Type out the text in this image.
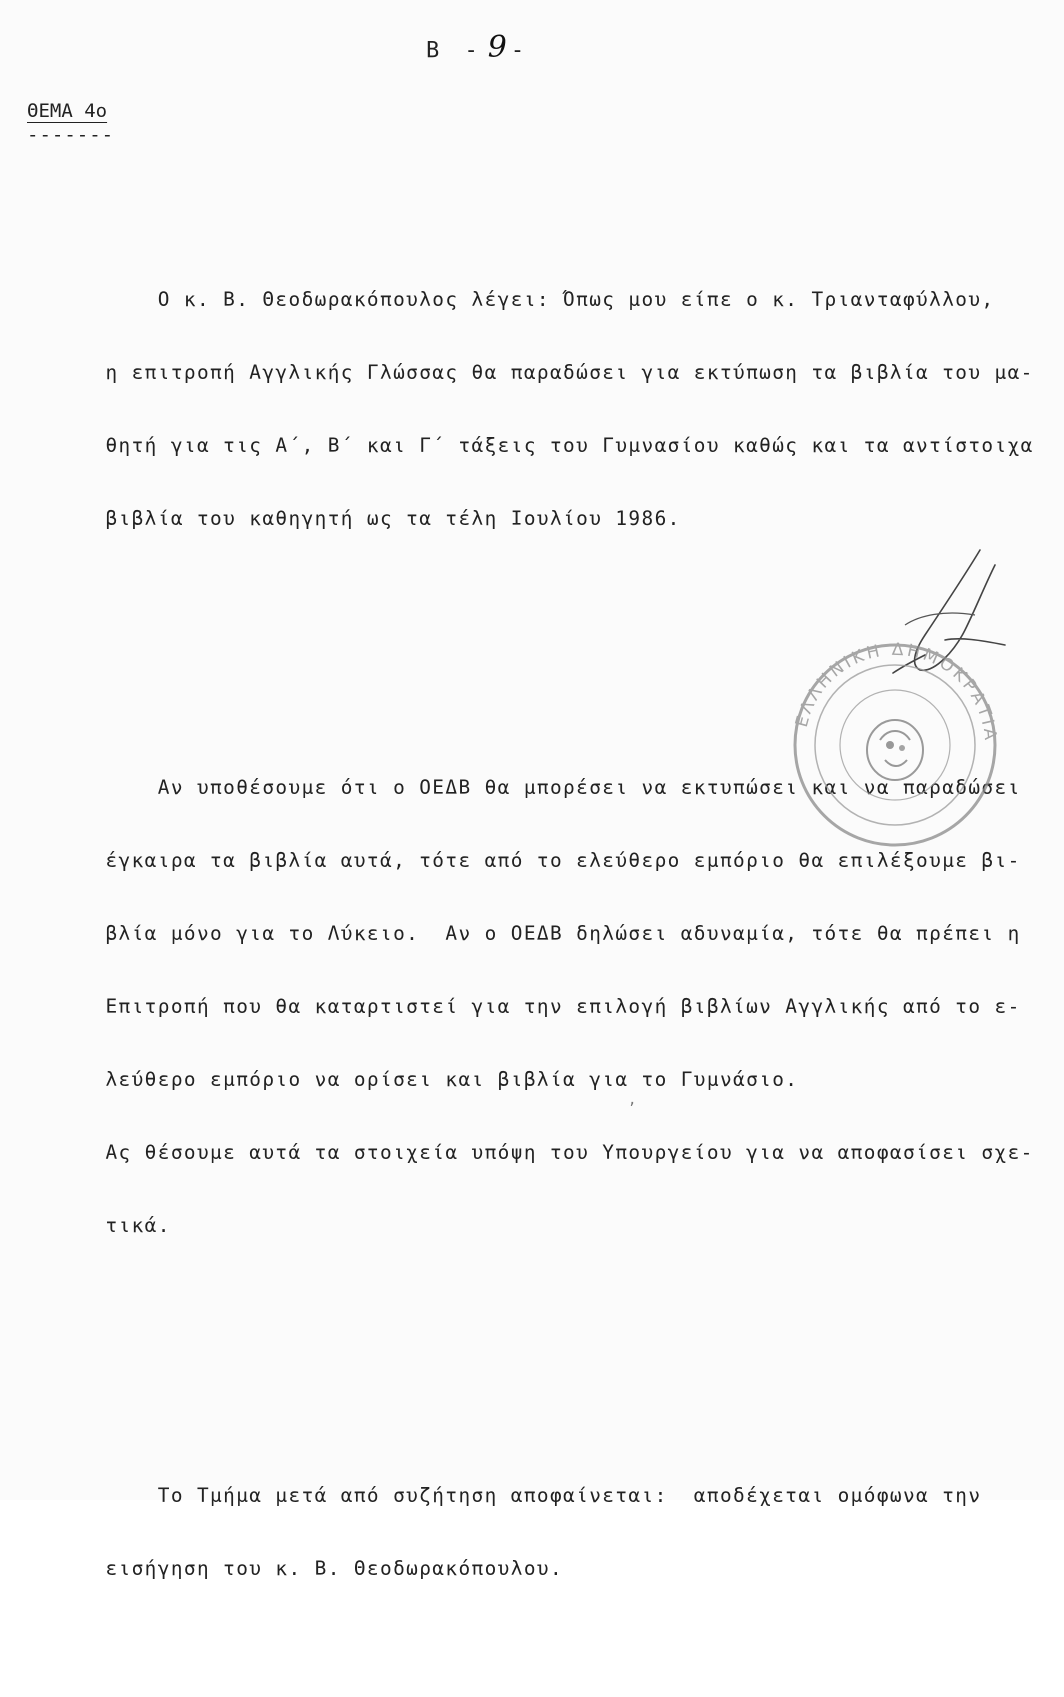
Β - 9 -
ΘΕΜΑ 4ο
-------

Ο κ. Β. Θεοδωρακόπουλος λέγει: Όπως μου είπε ο κ. Τριανταφύλλου,

η επιτροπή Αγγλικής Γλώσσας θα παραδώσει για εκτύπωση τα βιβλία του μα-

θητή για τις Α΄, Β΄ και Γ΄ τάξεις του Γυμνασίου καθώς και τα αντίστοιχα

βιβλία του καθηγητή ως τα τέλη Ιουλίου 1986.

Αν υποθέσουμε ότι ο ΟΕΔΒ θα μπορέσει να εκτυπώσει και να παραδώσει

έγκαιρα τα βιβλία αυτά, τότε από το ελεύθερο εμπόριο θα επιλέξουμε βι-

βλία μόνο για το Λύκειο.  Αν ο ΟΕΔΒ δηλώσει αδυναμία, τότε θα πρέπει η

Επιτροπή που θα καταρτιστεί για την επιλογή βιβλίων Αγγλικής από το ε-

λεύθερο εμπόριο να ορίσει και βιβλία για το Γυμνάσιο.

Ας θέσουμε αυτά τα στοιχεία υπόψη του Υπουργείου για να αποφασίσει σχε-

τικά.

Το Τμήμα μετά από συζήτηση αποφαίνεται:  αποδέχεται ομόφωνα την

εισήγηση του κ. Β. Θεοδωρακόπουλου.

ΕΛΛΗΝΙΚΗ ΔΗΜΟΚΡΑΤΙΑ
,
